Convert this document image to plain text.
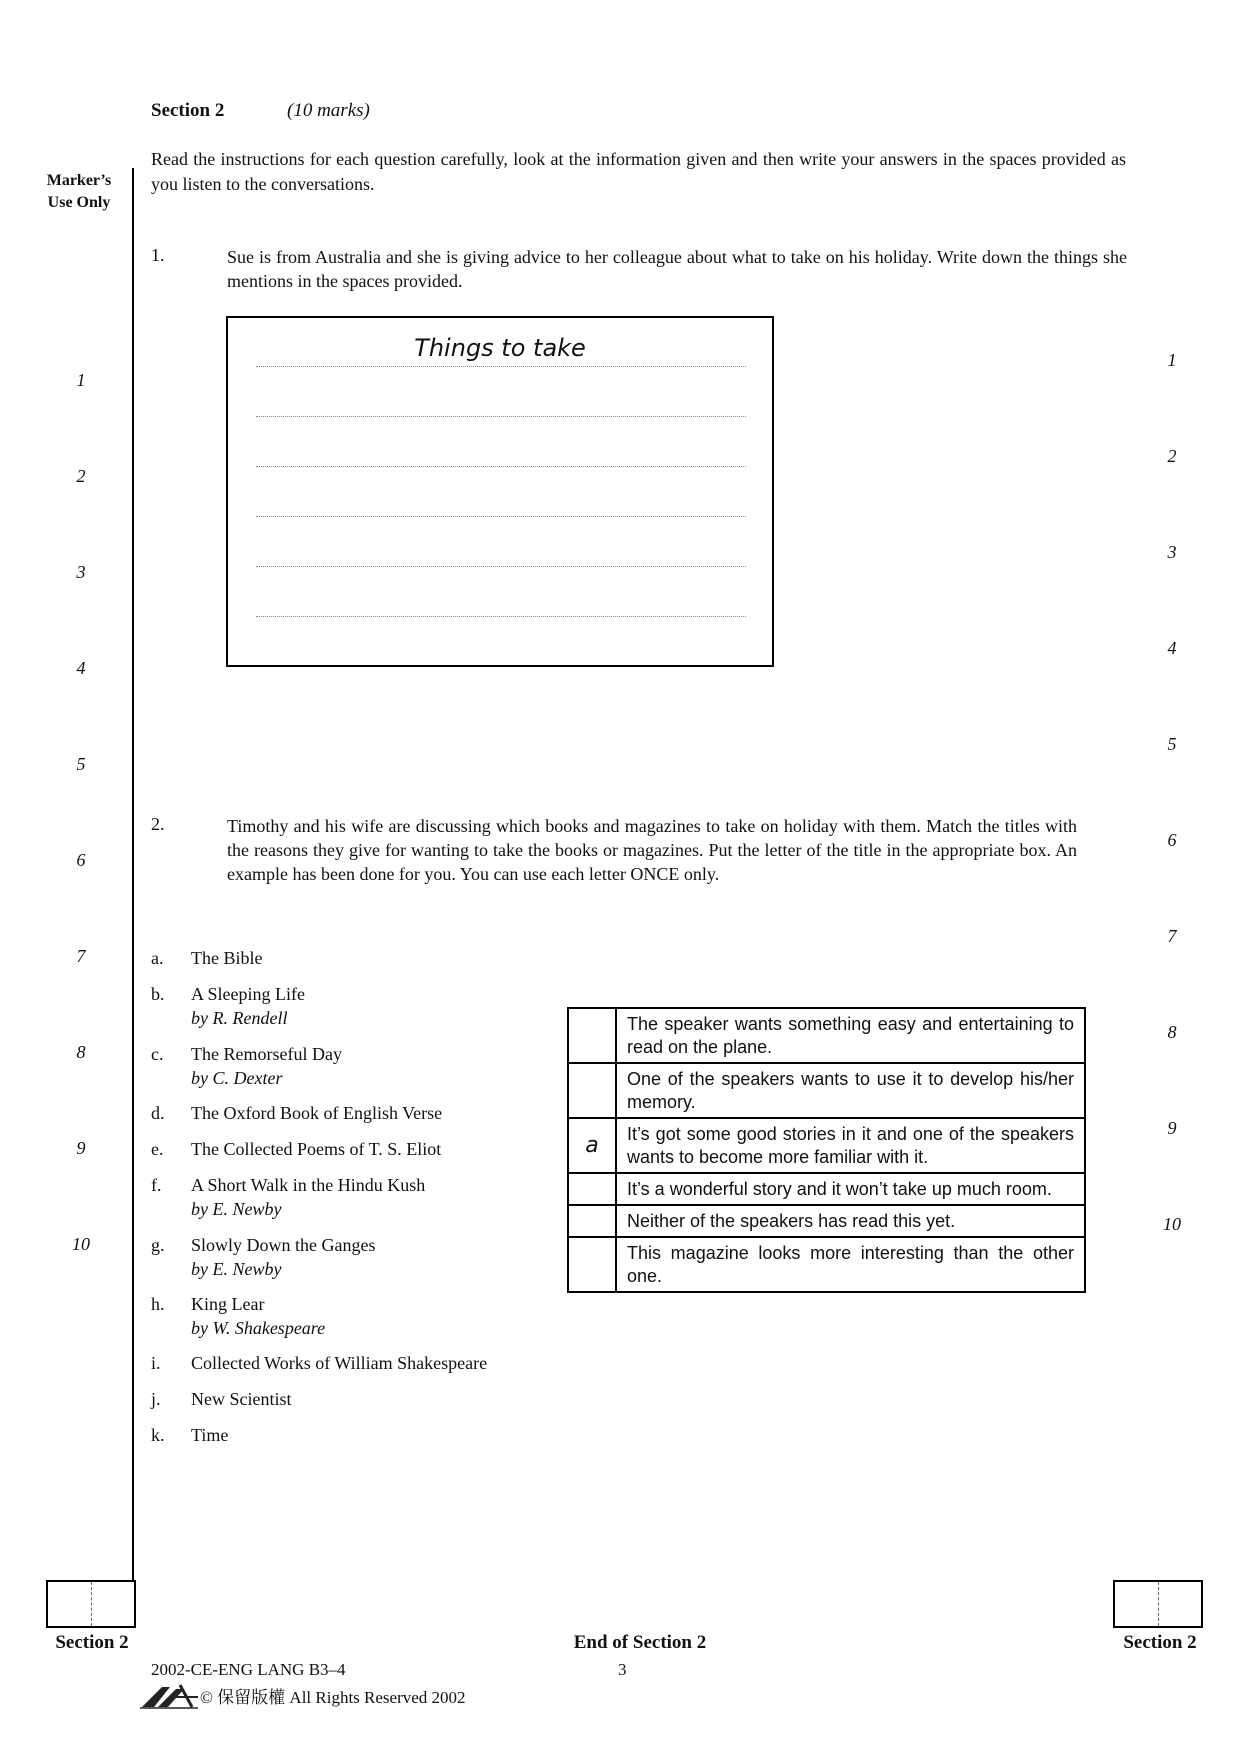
Section 2	(10 marks)
Read the instructions for each question carefully, look at the information given and then write your answers in the spaces provided as you listen to the conversations.
Marker’s
Use Only
1
2
3
4
5
6
7
8
9
10
1
2
3
4
5
6
7
8
9
10
1.	Sue is from Australia and she is giving advice to her colleague about what to take on his holiday. Write down the things she mentions in the spaces provided.
Things to take
2.	Timothy and his wife are discussing which books and magazines to take on holiday with them. Match the titles with the reasons they give for wanting to take the books or magazines. Put the letter of the title in the appropriate box. An example has been done for you. You can use each letter ONCE only.
a.	The Bible
b.	A Sleeping Life
by R. Rendell
c.	The Remorseful Day
by C. Dexter
d.	The Oxford Book of English Verse
e.	The Collected Poems of T. S. Eliot
f.	A Short Walk in the Hindu Kush
by E. Newby
g.	Slowly Down the Ganges
by E. Newby
h.	King Lear
by W. Shakespeare
i.	Collected Works of William Shakespeare
j.	New Scientist
k.	Time
	The speaker wants something easy and entertaining to read on the plane.
	One of the speakers wants to use it to develop his/her memory.
a	It’s got some good stories in it and one of the speakers wants to become more familiar with it.
	It’s a wonderful story and it won’t take up much room.
	Neither of the speakers has read this yet.
	This magazine looks more interesting than the other one.
Section 2	End of Section 2	Section 2
2002-CE-ENG LANG B3–4	3
© 保留版權 All Rights Reserved 2002
